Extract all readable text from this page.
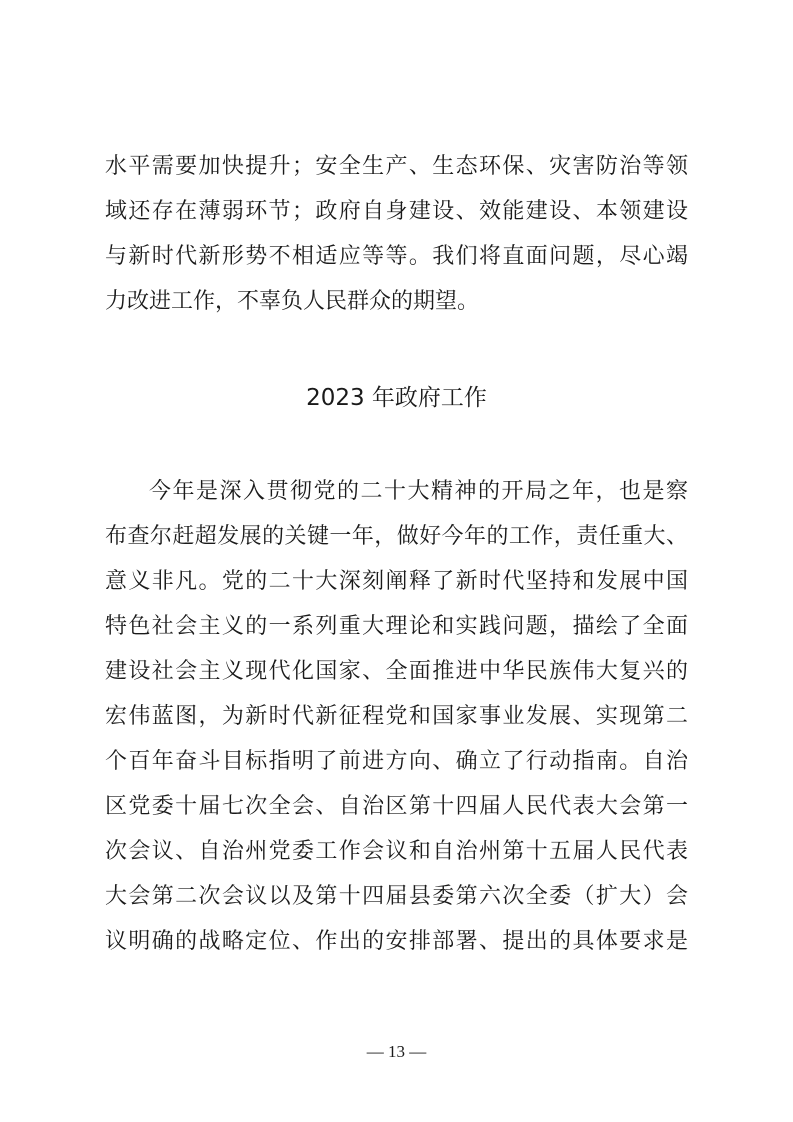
水平需要加快提升；安全生产、生态环保、灾害防治等领
域还存在薄弱环节；政府自身建设、效能建设、本领建设
与新时代新形势不相适应等等。我们将直面问题，尽心竭
力改进工作，不辜负人民群众的期望。
2023 年政府工作
今年是深入贯彻党的二十大精神的开局之年，也是察
布查尔赶超发展的关键一年，做好今年的工作，责任重大、
意义非凡。党的二十大深刻阐释了新时代坚持和发展中国
特色社会主义的一系列重大理论和实践问题，描绘了全面
建设社会主义现代化国家、全面推进中华民族伟大复兴的
宏伟蓝图，为新时代新征程党和国家事业发展、实现第二
个百年奋斗目标指明了前进方向、确立了行动指南。自治
区党委十届七次全会、自治区第十四届人民代表大会第一
次会议、自治州党委工作会议和自治州第十五届人民代表
大会第二次会议以及第十四届县委第六次全委（扩大）会
议明确的战略定位、作出的安排部署、提出的具体要求是
— 13 —
